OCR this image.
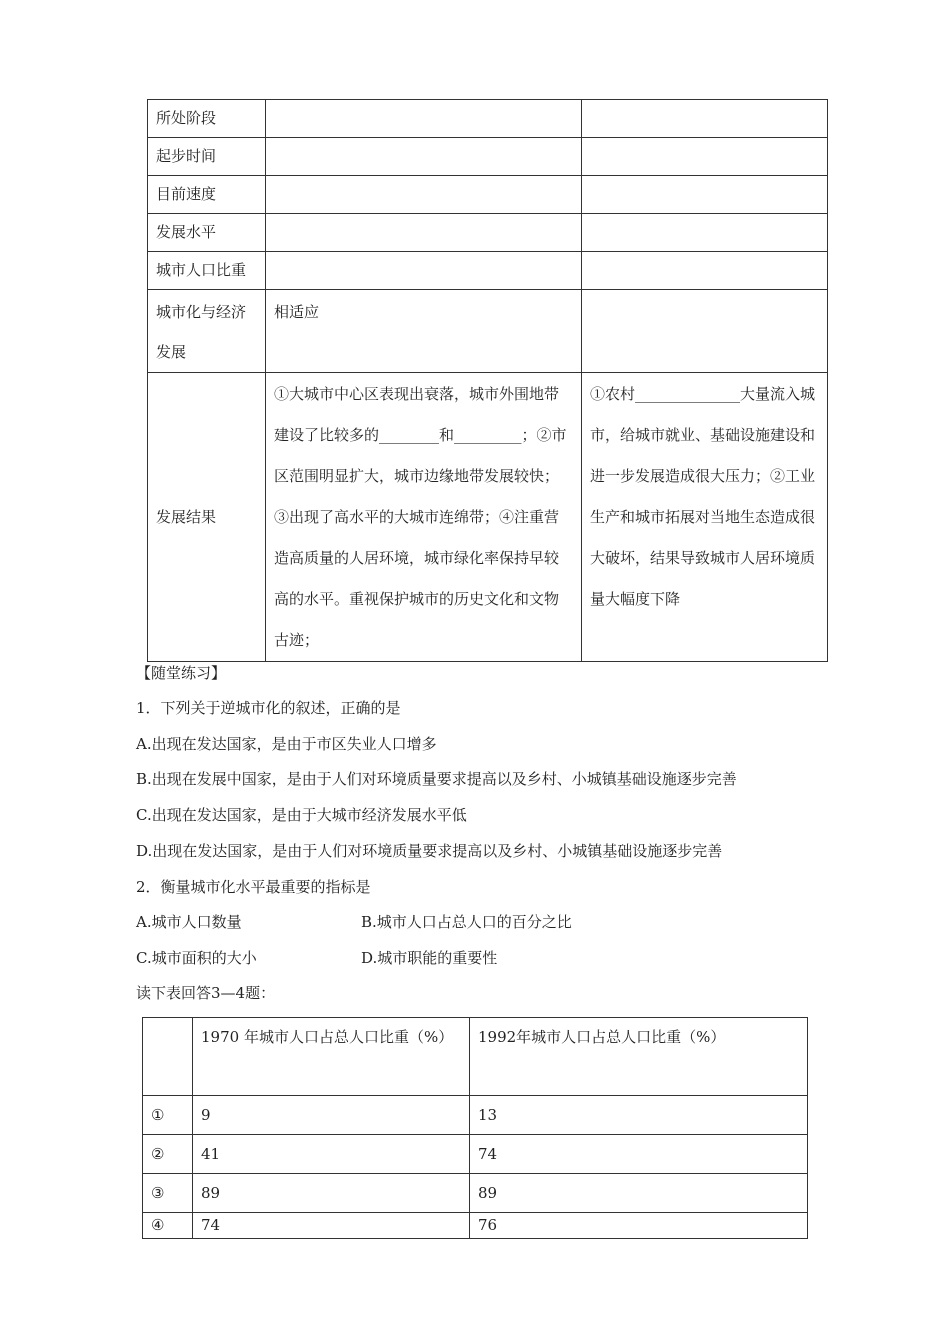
所处阶段		
起步时间		
目前速度		
发展水平		
城市人口比重		
城市化与经济发展	相适应	
发展结果	①大城市中心区表现出衰落，城市外围地带建设了比较多的________和_________；②市区范围明显扩大，城市边缘地带发展较快；③出现了高水平的大城市连绵带；④注重营造高质量的人居环境，城市绿化率保持早较高的水平。重视保护城市的历史文化和文物古迹；	①农村______________大量流入城市，给城市就业、基础设施建设和进一步发展造成很大压力；②工业生产和城市拓展对当地生态造成很大破坏，结果导致城市人居环境质量大幅度下降
【随堂练习】
1．下列关于逆城市化的叙述，正确的是
A.出现在发达国家，是由于市区失业人口增多
B.出现在发展中国家，是由于人们对环境质量要求提高以及乡村、小城镇基础设施逐步完善
C.出现在发达国家，是由于大城市经济发展水平低
D.出现在发达国家，是由于人们对环境质量要求提高以及乡村、小城镇基础设施逐步完善
2．衡量城市化水平最重要的指标是
A.城市人口数量	B.城市人口占总人口的百分之比
C.城市面积的大小	D.城市职能的重要性
读下表回答3—4题：
	1970 年城市人口占总人口比重（%）	1992年城市人口占总人口比重（%）
①	9	13
②	41	74
③	89	89
④	74	76
